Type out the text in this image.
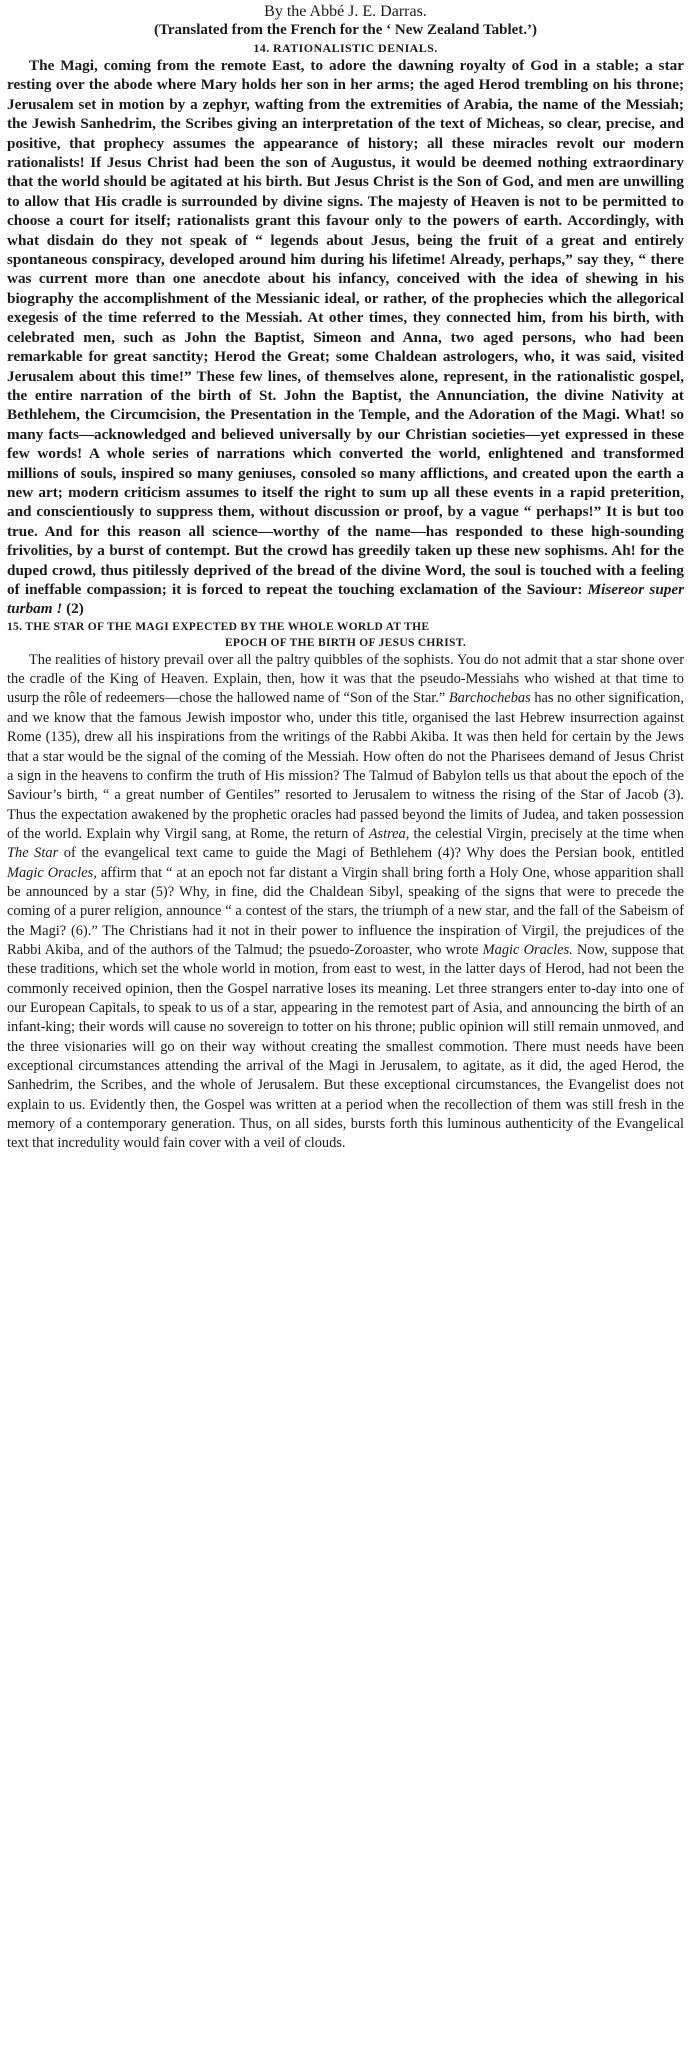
By the Abbé J. E. Darras.

(Translated from the French for the ‘ New Zealand Tablet.’)

14. RATIONALISTIC DENIALS.

The Magi, coming from the remote East, to adore the dawning royalty of God in a stable; a star resting over the abode where Mary holds her son in her arms; the aged Herod trembling on his throne; Jerusalem set in motion by a zephyr, wafting from the extremities of Arabia, the name of the Messiah; the Jewish Sanhedrim, the Scribes giving an interpretation of the text of Micheas, so clear, precise, and positive, that prophecy assumes the appearance of history; all these miracles revolt our modern rationalists! If Jesus Christ had been the son of Augustus, it would be deemed nothing extraordinary that the world should be agitated at his birth. But Jesus Christ is the Son of God, and men are unwilling to allow that His cradle is surrounded by divine signs. The majesty of Heaven is not to be permitted to choose a court for itself; rationalists grant this favour only to the powers of earth. Accordingly, with what disdain do they not speak of “ legends about Jesus, being the fruit of a great and entirely spontaneous conspiracy, developed around him during his lifetime! Already, perhaps,” say they, “ there was current more than one anecdote about his infancy, conceived with the idea of shewing in his biography the accomplishment of the Messianic ideal, or rather, of the prophecies which the allegorical exegesis of the time referred to the Messiah. At other times, they connected him, from his birth, with celebrated men, such as John the Baptist, Simeon and Anna, two aged persons, who had been remarkable for great sanctity; Herod the Great; some Chaldean astrologers, who, it was said, visited Jerusalem about this time!” These few lines, of themselves alone, represent, in the rationalistic gospel, the entire narration of the birth of St. John the Baptist, the Annunciation, the divine Nativity at Bethlehem, the Circumcision, the Presentation in the Temple, and the Adoration of the Magi. What! so many facts—acknowledged and believed universally by our Christian societies—yet expressed in these few words! A whole series of narrations which converted the world, enlightened and transformed millions of souls, inspired so many geniuses, consoled so many afflictions, and created upon the earth a new art; modern criticism assumes to itself the right to sum up all these events in a rapid preterition, and conscientiously to suppress them, without discussion or proof, by a vague “ perhaps!” It is but too true. And for this reason all science—worthy of the name—has responded to these high-sounding frivolities, by a burst of contempt. But the crowd has greedily taken up these new sophisms. Ah! for the duped crowd, thus pitilessly deprived of the bread of the divine Word, the soul is touched with a feeling of ineffable compassion; it is forced to repeat the touching exclamation of the Saviour: Misereor super turbam ! (2)

15. THE STAR OF THE MAGI EXPECTED BY THE WHOLE WORLD AT THE

EPOCH OF THE BIRTH OF JESUS CHRIST.

The realities of history prevail over all the paltry quibbles of the sophists. You do not admit that a star shone over the cradle of the King of Heaven. Explain, then, how it was that the pseudo-Messiahs who wished at that time to usurp the rôle of redeemers—chose the hallowed name of “Son of the Star.” Barchochebas has no other signification, and we know that the famous Jewish impostor who, under this title, organised the last Hebrew insurrection against Rome (135), drew all his inspirations from the writings of the Rabbi Akiba. It was then held for certain by the Jews that a star would be the signal of the coming of the Messiah. How often do not the Pharisees demand of Jesus Christ a sign in the heavens to confirm the truth of His mission? The Talmud of Babylon tells us that about the epoch of the Saviour’s birth, “ a great number of Gentiles” resorted to Jerusalem to witness the rising of the Star of Jacob (3). Thus the expectation awakened by the prophetic oracles had passed beyond the limits of Judea, and taken possession of the world. Explain why Virgil sang, at Rome, the return of Astrea, the celestial Virgin, precisely at the time when The Star of the evangelical text came to guide the Magi of Bethlehem (4)? Why does the Persian book, entitled Magic Oracles, affirm that “ at an epoch not far distant a Virgin shall bring forth a Holy One, whose apparition shall be announced by a star (5)? Why, in fine, did the Chaldean Sibyl, speaking of the signs that were to precede the coming of a purer religion, announce “ a contest of the stars, the triumph of a new star, and the fall of the Sabeism of the Magi? (6).” The Christians had it not in their power to influence the inspiration of Virgil, the prejudices of the Rabbi Akiba, and of the authors of the Talmud; the psuedo-Zoroaster, who wrote Magic Oracles. Now, suppose that these traditions, which set the whole world in motion, from east to west, in the latter days of Herod, had not been the commonly received opinion, then the Gospel narrative loses its meaning. Let three strangers enter to-day into one of our European Capitals, to speak to us of a star, appearing in the remotest part of Asia, and announcing the birth of an infant-king; their words will cause no sovereign to totter on his throne; public opinion will still remain unmoved, and the three visionaries will go on their way without creating the smallest commotion. There must needs have been exceptional circumstances attending the arrival of the Magi in Jerusalem, to agitate, as it did, the aged Herod, the Sanhedrim, the Scribes, and the whole of Jerusalem. But these exceptional circumstances, the Evangelist does not explain to us. Evidently then, the Gospel was written at a period when the recollection of them was still fresh in the memory of a contemporary generation. Thus, on all sides, bursts forth this luminous authenticity of the Evangelical text that incredulity would fain cover with a veil of clouds.
